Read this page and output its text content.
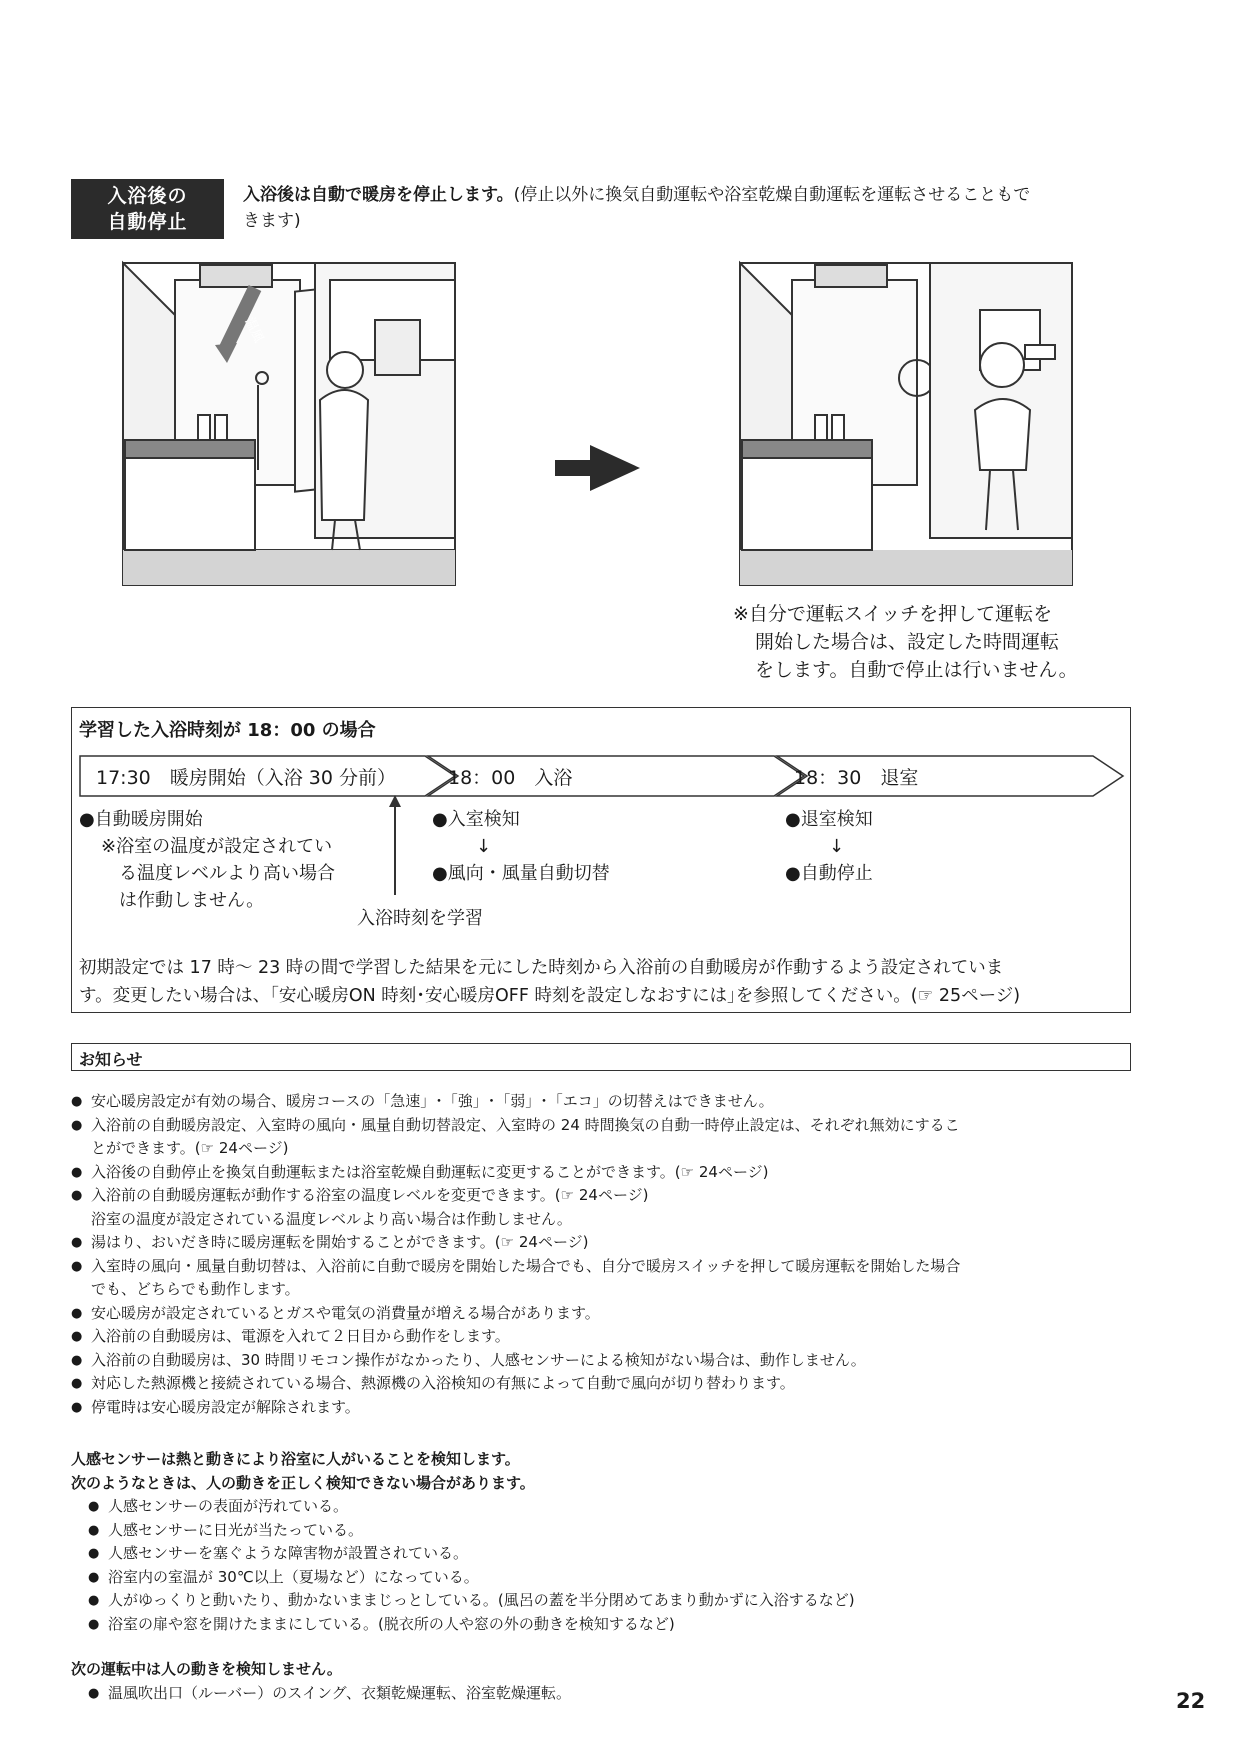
入浴後の
自動停止
入浴後は自動で暖房を停止します。(停止以外に換気自動運転や浴室乾燥自動運転を運転させることもで
きます)
温風
※自分で運転スイッチを押して運転を
開始した場合は、設定した時間運転
をします。自動で停止は行いません。
学習した入浴時刻が 18：00 の場合
17:30　暖房開始（入浴 30 分前）	18：00　入浴	18：30　退室
●自動暖房開始
※浴室の温度が設定されてい
る温度レベルより高い場合
は作動しません。
入浴時刻を学習
●入室検知
↓
●風向・風量自動切替
●退室検知
↓
●自動停止
初期設定では 17 時～ 23 時の間で学習した結果を元にした時刻から入浴前の自動暖房が作動するよう設定されていま
す。変更したい場合は、｢安心暖房ON 時刻･安心暖房OFF 時刻を設定しなおすには｣を参照してください。(☞ 25ページ)
お知らせ
● 安心暖房設定が有効の場合、暖房コースの「急速」･「強」･「弱」･「エコ」の切替えはできません。
● 入浴前の自動暖房設定、入室時の風向・風量自動切替設定、入室時の 24 時間換気の自動一時停止設定は、それぞれ無効にするこ
とができます。(☞ 24ページ)
● 入浴後の自動停止を換気自動運転または浴室乾燥自動運転に変更することができます。(☞ 24ページ)
● 入浴前の自動暖房運転が動作する浴室の温度レベルを変更できます。(☞ 24ページ)
浴室の温度が設定されている温度レベルより高い場合は作動しません。
● 湯はり、おいだき時に暖房運転を開始することができます。(☞ 24ページ)
● 入室時の風向・風量自動切替は、入浴前に自動で暖房を開始した場合でも、自分で暖房スイッチを押して暖房運転を開始した場合
でも、どちらでも動作します。
● 安心暖房が設定されているとガスや電気の消費量が増える場合があります。
● 入浴前の自動暖房は、電源を入れて２日目から動作をします。
● 入浴前の自動暖房は、30 時間リモコン操作がなかったり、人感センサーによる検知がない場合は、動作しません。
● 対応した熱源機と接続されている場合、熱源機の入浴検知の有無によって自動で風向が切り替わります。
● 停電時は安心暖房設定が解除されます。
人感センサーは熱と動きにより浴室に人がいることを検知します。
次のようなときは、人の動きを正しく検知できない場合があります。
● 人感センサーの表面が汚れている。
● 人感センサーに日光が当たっている。
● 人感センサーを塞ぐような障害物が設置されている。
● 浴室内の室温が 30℃以上（夏場など）になっている。
● 人がゆっくりと動いたり、動かないままじっとしている。(風呂の蓋を半分閉めてあまり動かずに入浴するなど)
● 浴室の扉や窓を開けたままにしている。(脱衣所の人や窓の外の動きを検知するなど)
次の運転中は人の動きを検知しません。
● 温風吹出口（ルーバー）のスイング、衣類乾燥運転、浴室乾燥運転。	22
